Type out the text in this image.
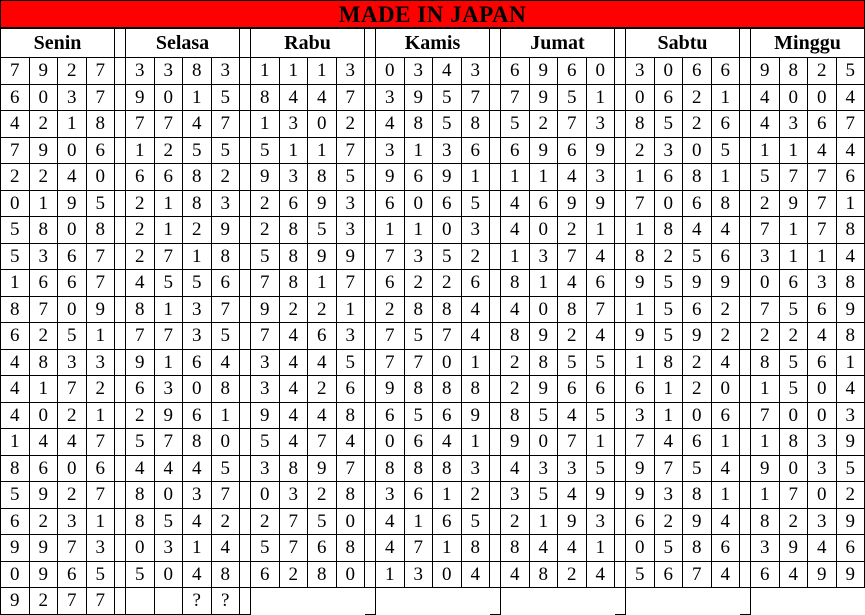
MADE IN JAPAN
Senin					Selasa					Rabu					Kamis					Jumat					Sabtu					Minggu			
7	9	2	7		3	3	8	3		1	1	1	3		0	3	4	3		6	9	6	0		3	0	6	6		9	8	2	5
6	0	3	7		9	0	1	5		8	4	4	7		3	9	5	7		7	9	5	1		0	6	2	1		4	0	0	4
4	2	1	8		7	7	4	7		1	3	0	2		4	8	5	8		5	2	7	3		8	5	2	6		4	3	6	7
7	9	0	6		1	2	5	5		5	1	1	7		3	1	3	6		6	9	6	9		2	3	0	5		1	1	4	4
2	2	4	0		6	6	8	2		9	3	8	5		9	6	9	1		1	1	4	3		1	6	8	1		5	7	7	6
0	1	9	5		2	1	8	3		2	6	9	3		6	0	6	5		4	6	9	9		7	0	6	8		2	9	7	1
5	8	0	8		2	1	2	9		2	8	5	3		1	1	0	3		4	0	2	1		1	8	4	4		7	1	7	8
5	3	6	7		2	7	1	8		5	8	9	9		7	3	5	2		1	3	7	4		8	2	5	6		3	1	1	4
1	6	6	7		4	5	5	6		7	8	1	7		6	2	2	6		8	1	4	6		9	5	9	9		0	6	3	8
8	7	0	9		8	1	3	7		9	2	2	1		2	8	8	4		4	0	8	7		1	5	6	2		7	5	6	9
6	2	5	1		7	7	3	5		7	4	6	3		7	5	7	4		8	9	2	4		9	5	9	2		2	2	4	8
4	8	3	3		9	1	6	4		3	4	4	5		7	7	0	1		2	8	5	5		1	8	2	4		8	5	6	1
4	1	7	2		6	3	0	8		3	4	2	6		9	8	8	8		2	9	6	6		6	1	2	0		1	5	0	4
4	0	2	1		2	9	6	1		9	4	4	8		6	5	6	9		8	5	4	5		3	1	0	6		7	0	0	3
1	4	4	7		5	7	8	0		5	4	7	4		0	6	4	1		9	0	7	1		7	4	6	1		1	8	3	9
8	6	0	6		4	4	4	5		3	8	9	7		8	8	8	3		4	3	3	5		9	7	5	4		9	0	3	5
5	9	2	7		8	0	3	7		0	3	2	8		3	6	1	2		3	5	4	9		9	3	8	1		1	7	0	2
6	2	3	1		8	5	4	2		2	7	5	0		4	1	6	5		2	1	9	3		6	2	9	4		8	2	3	9
9	9	7	3		0	3	1	4		5	7	6	8		4	7	1	8		8	4	4	1		0	5	8	6		3	9	4	6
0	9	6	5		5	0	4	8		6	2	8	0		1	3	0	4		4	8	2	4		5	6	7	4		6	4	9	9
9	2	7	7				?	?																									
